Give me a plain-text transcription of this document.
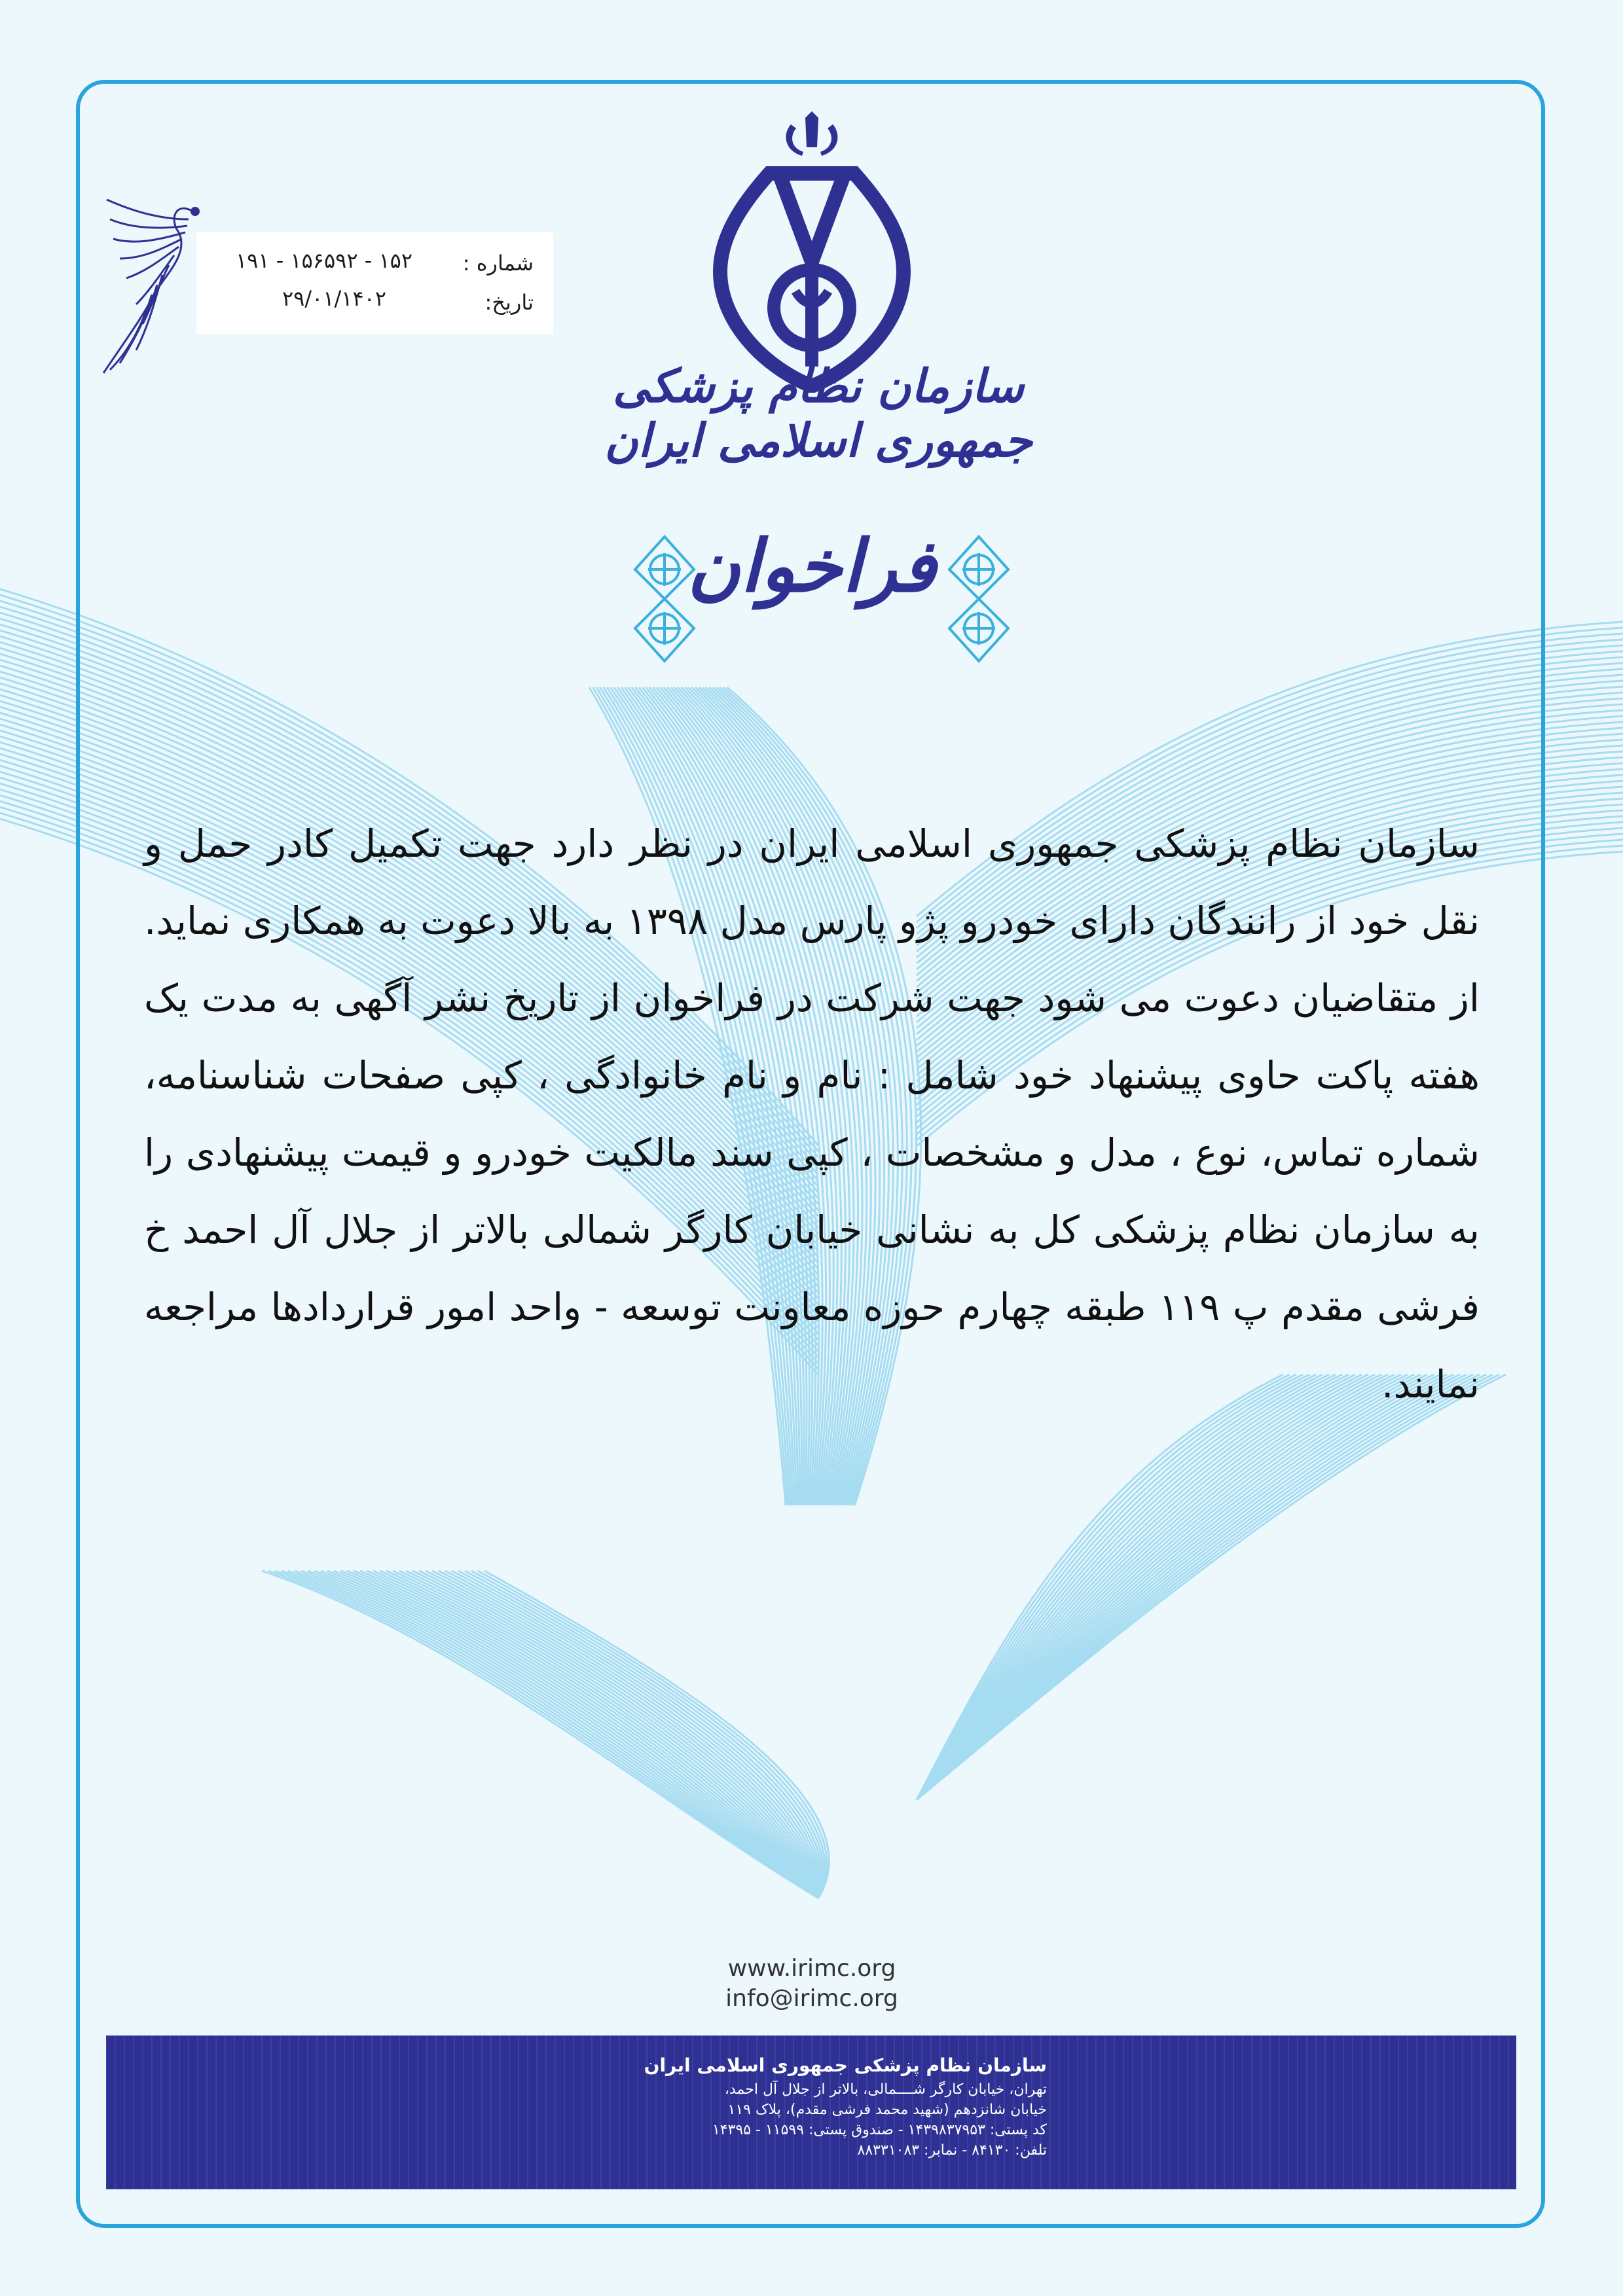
شماره :
۱۵۲ - ۱۵۶۵۹۲ - ۱۹۱
تاریخ:
۲۹/۰۱/۱۴۰۲
سازمان نظام پزشکی جمهوری اسلامی ایران
فراخوان
سازمان نظام پزشکی جمهوری اسلامی ایران در نظر دارد جهت تکمیل کادر حمل و نقل خود از رانندگان دارای خودرو پژو پارس مدل ۱۳۹۸ به بالا دعوت به همکاری نماید. از متقاضیان دعوت می شود جهت شرکت در فراخوان از تاریخ نشر آگهی به مدت یک هفته پاکت حاوی پیشنهاد خود شامل : نام و نام خانوادگی ، کپی صفحات شناسنامه، شماره تماس، نوع ، مدل و مشخصات ، کپی سند مالکیت خودرو و قیمت پیشنهادی را به سازمان نظام پزشکی کل به نشانی خیابان کارگر شمالی بالاتر از جلال آل احمد خ فرشی مقدم پ ۱۱۹ طبقه چهارم حوزه معاونت توسعه - واحد امور قراردادها مراجعه نمایند.
www.irimc.org
info@irimc.org
سازمان نظام پزشکی جمهوری اسلامی ایران
تهران، خیابان کارگر شــــمالی، بالاتر از جلال آل احمد،
خیابان شانزدهم (شهید محمد فرشی مقدم)، پلاک ۱۱۹
کد پستی: ۱۴۳۹۸۳۷۹۵۳ - صندوق پستی: ۱۱۵۹۹ - ۱۴۳۹۵
تلفن: ۸۴۱۳۰ - نمابر: ۸۸۳۳۱۰۸۳
